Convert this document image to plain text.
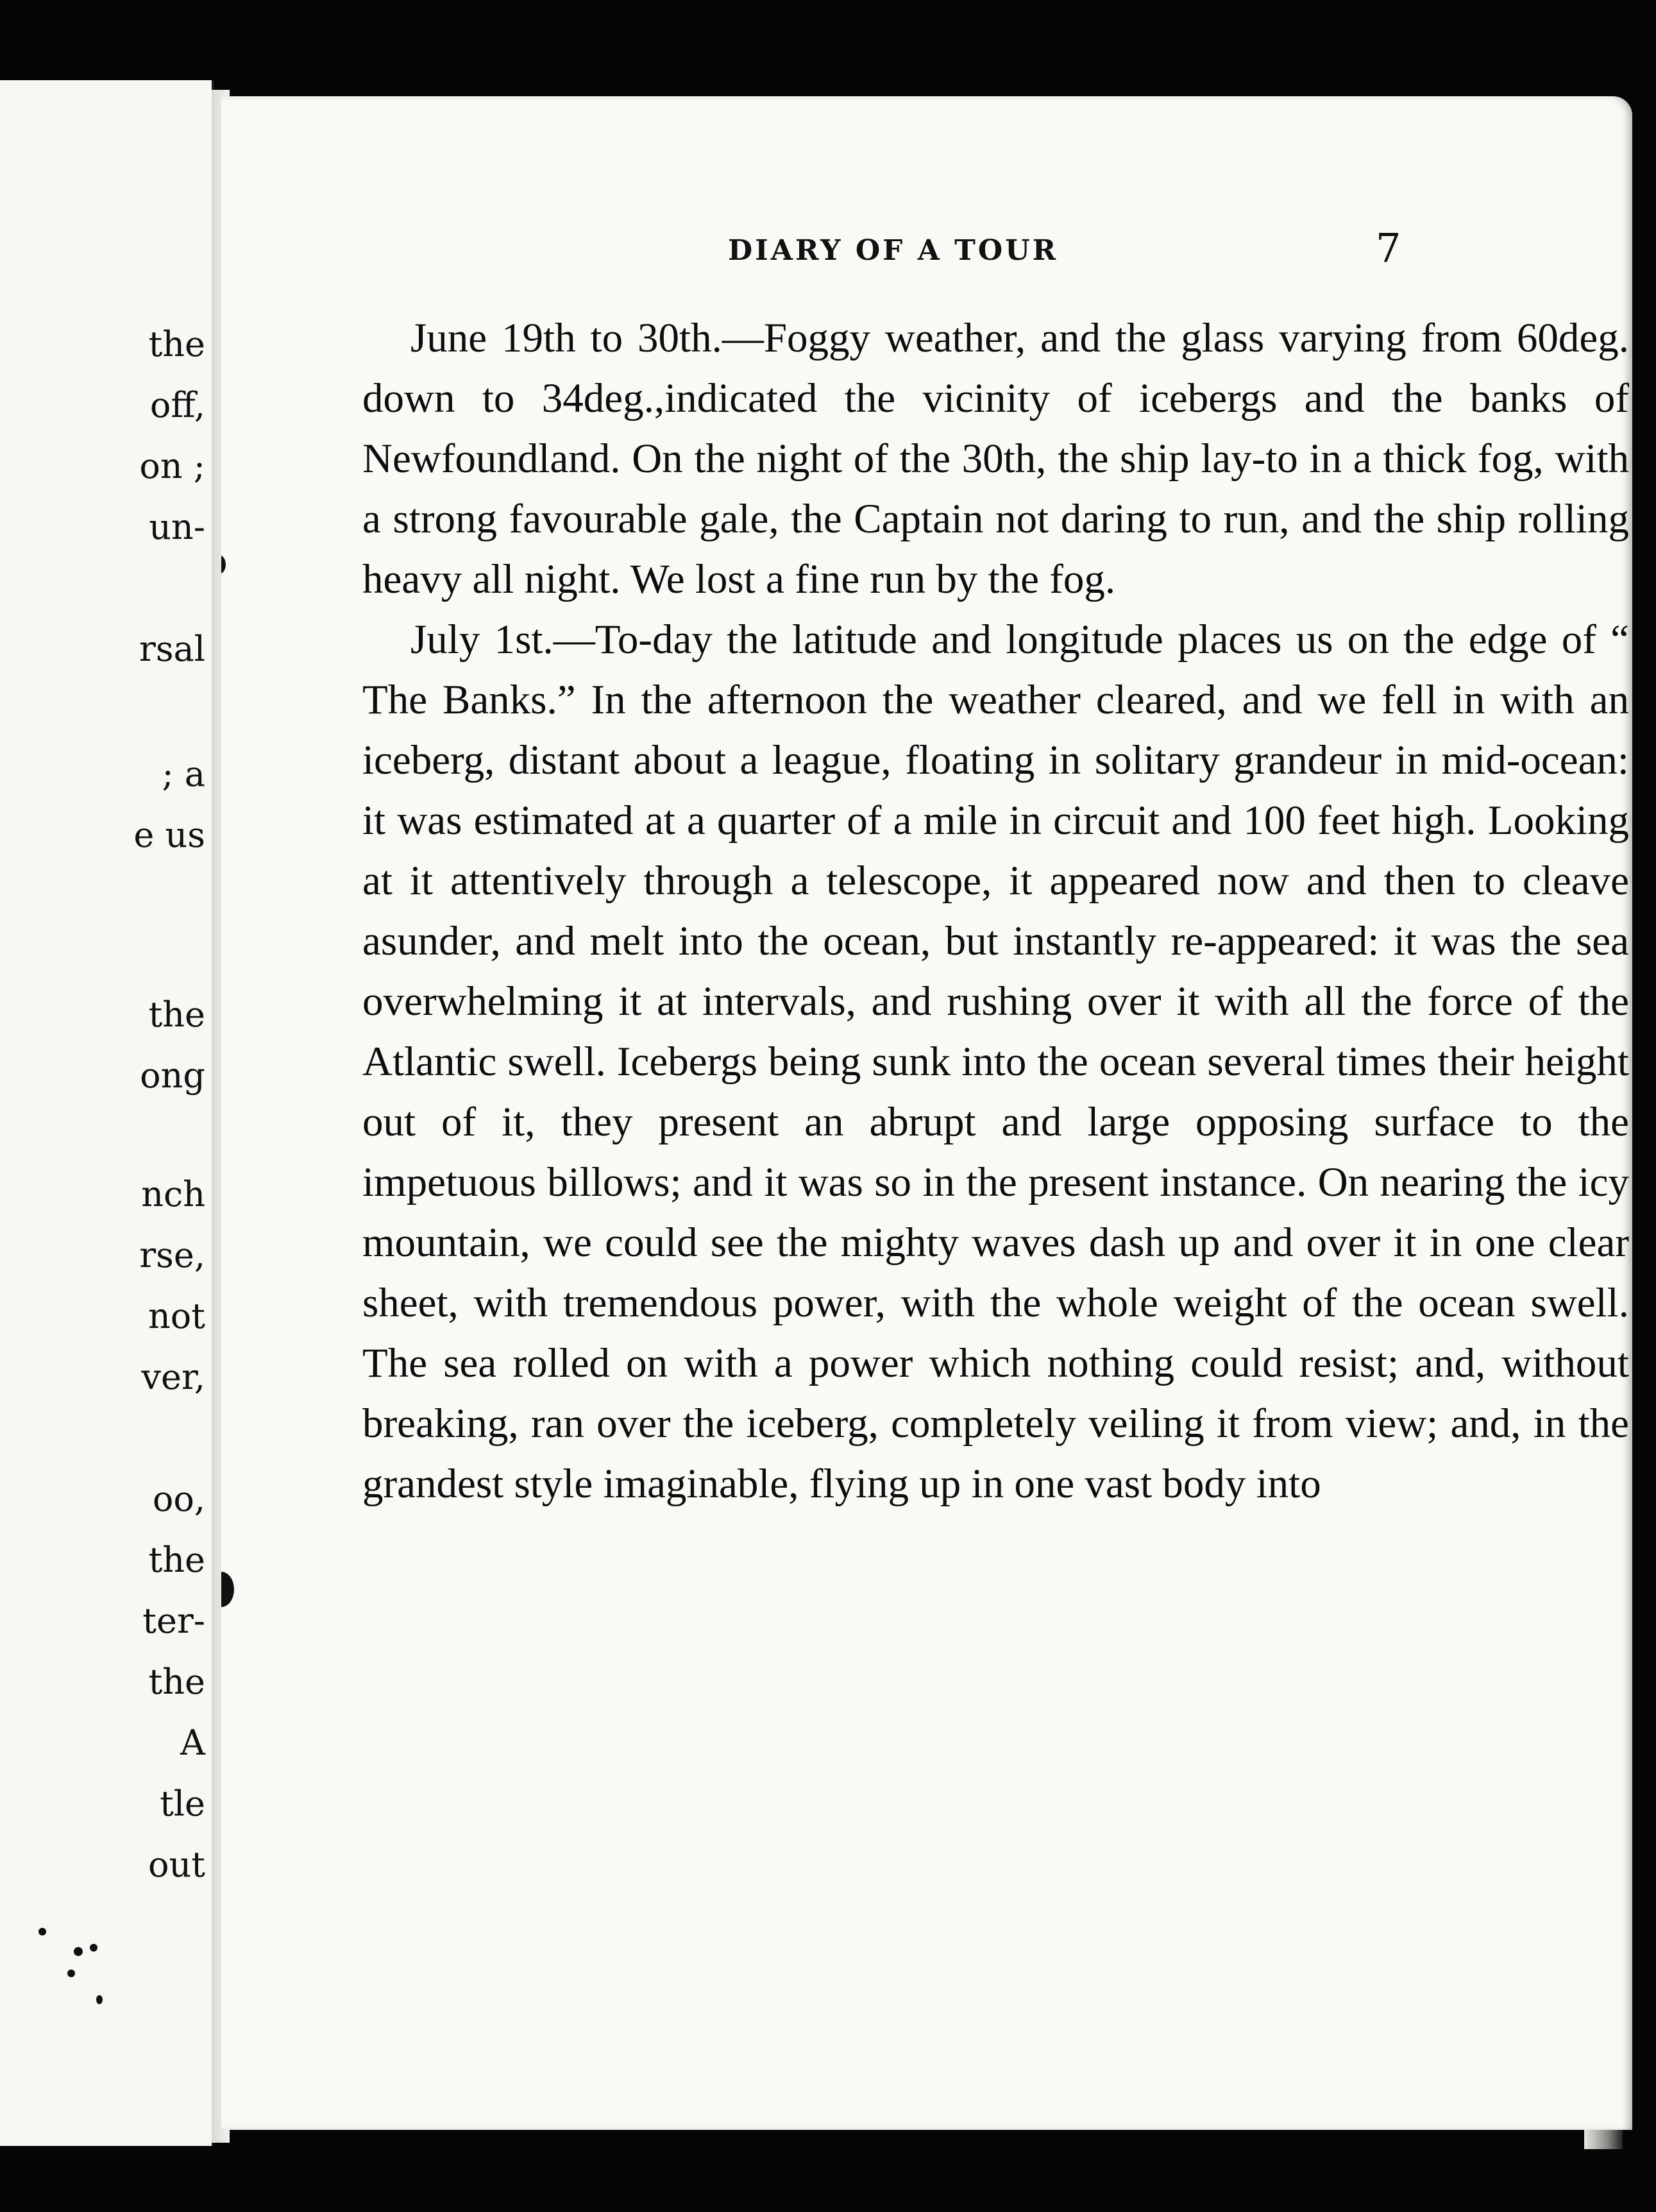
the
off,
on ;
un-
rsal
; a
e us
the
ong
nch
rse,
not
ver,
oo,
the
ter-
the
A
tle
out
DIARY OF A TOUR	7

June 19th to 30th.—Foggy weather, and the glass varying from 60deg. down to 34deg.,indicated the vicinity of icebergs and the banks of Newfoundland. On the night of the 30th, the ship lay-to in a thick fog, with a strong favourable gale, the Captain not daring to run, and the ship rolling heavy all night. We lost a fine run by the fog.

July 1st.—To-day the latitude and longitude places us on the edge of “ The Banks.” In the afternoon the weather cleared, and we fell in with an iceberg, distant about a league, floating in solitary grandeur in mid-ocean: it was estimated at a quarter of a mile in circuit and 100 feet high. Looking at it attentively through a telescope, it appeared now and then to cleave asunder, and melt into the ocean, but instantly re-appeared: it was the sea overwhelming it at intervals, and rushing over it with all the force of the Atlantic swell. Icebergs being sunk into the ocean several times their height out of it, they present an abrupt and large opposing surface to the impetuous billows; and it was so in the present instance. On nearing the icy mountain, we could see the mighty waves dash up and over it in one clear sheet, with tremendous power, with the whole weight of the ocean swell. The sea rolled on with a power which nothing could resist; and, without breaking, ran over the iceberg, completely veiling it from view; and, in the grandest style imaginable, flying up in one vast body into
